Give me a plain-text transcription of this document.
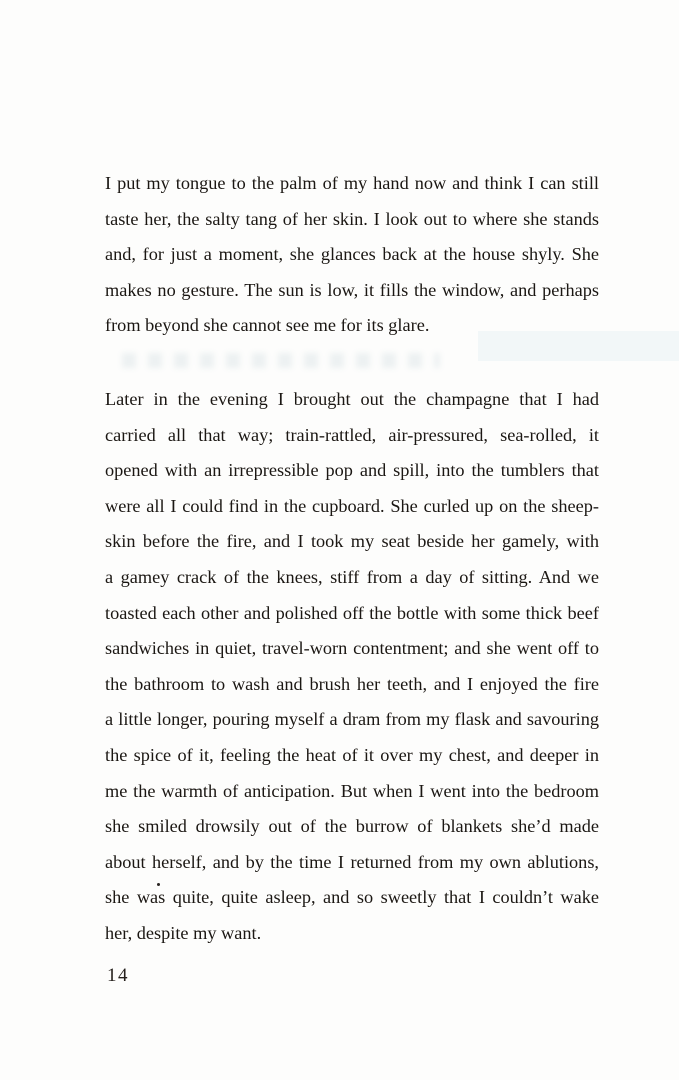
I put my tongue to the palm of my hand now and think I can still
taste her, the salty tang of her skin. I look out to where she stands
and, for just a moment, she glances back at the house shyly. She
makes no gesture. The sun is low, it fills the window, and perhaps
from beyond she cannot see me for its glare.
Later in the evening I brought out the champagne that I had
carried all that way; train-rattled, air-pressured, sea-rolled, it
opened with an irrepressible pop and spill, into the tumblers that
were all I could find in the cupboard. She curled up on the sheep-
skin before the fire, and I took my seat beside her gamely, with
a gamey crack of the knees, stiff from a day of sitting. And we
toasted each other and polished off the bottle with some thick beef
sandwiches in quiet, travel-worn contentment; and she went off to
the bathroom to wash and brush her teeth, and I enjoyed the fire
a little longer, pouring myself a dram from my flask and savouring
the spice of it, feeling the heat of it over my chest, and deeper in
me the warmth of anticipation. But when I went into the bedroom
she smiled drowsily out of the burrow of blankets she’d made
about herself, and by the time I returned from my own ablutions,
she was quite, quite asleep, and so sweetly that I couldn’t wake
her, despite my want.
14
